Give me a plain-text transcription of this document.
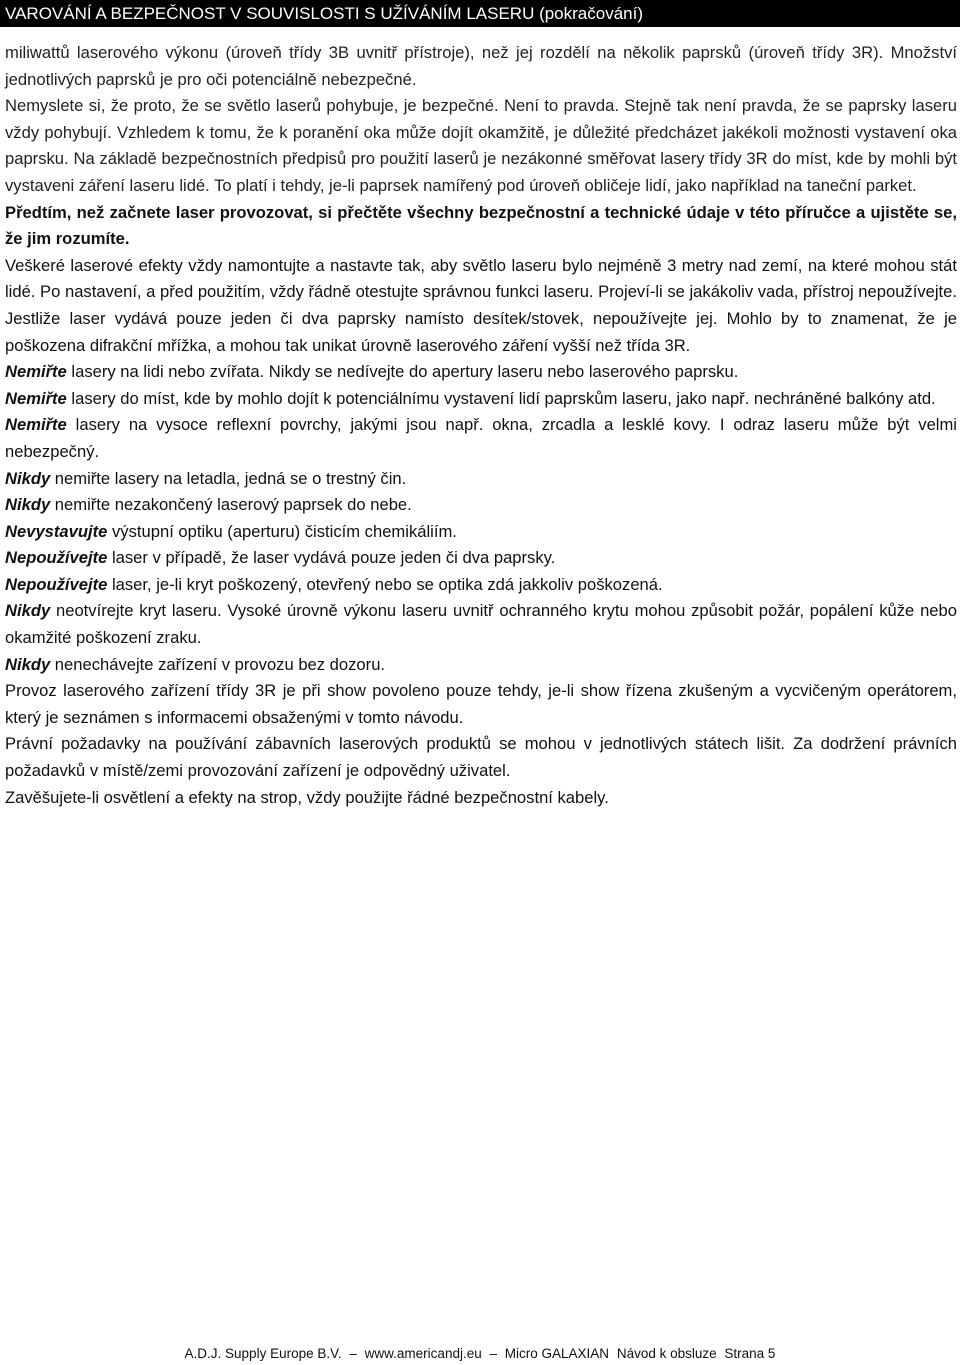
VAROVÁNÍ A BEZPEČNOST V SOUVISLOSTI S UŽÍVÁNÍM LASERU (pokračování)

miliwattů laserového výkonu (úroveň třídy 3B uvnitř přístroje), než jej rozdělí na několik paprsků (úroveň třídy 3R). Množství jednotlivých paprsků je pro oči potenciálně nebezpečné.

Nemyslete si, že proto, že se světlo laserů pohybuje, je bezpečné. Není to pravda. Stejně tak není pravda, že se paprsky laseru vždy pohybují. Vzhledem k tomu, že k poranění oka může dojít okamžitě, je důležité předcházet jakékoli možnosti vystavení oka paprsku. Na základě bezpečnostních předpisů pro použití laserů je nezákonné směřovat lasery třídy 3R do míst, kde by mohli být vystaveni záření laseru lidé. To platí i tehdy, je-li paprsek namířený pod úroveň obličeje lidí, jako například na taneční parket.

Předtím, než začnete laser provozovat, si přečtěte všechny bezpečnostní a technické údaje v této příručce a ujistěte se, že jim rozumíte.

Veškeré laserové efekty vždy namontujte a nastavte tak, aby světlo laseru bylo nejméně 3 metry nad zemí, na které mohou stát lidé. Po nastavení, a před použitím, vždy řádně otestujte správnou funkci laseru. Projeví-li se jakákoliv vada, přístroj nepoužívejte. Jestliže laser vydává pouze jeden či dva paprsky namísto desítek/stovek, nepoužívejte jej. Mohlo by to znamenat, že je poškozena difrakční mřížka, a mohou tak unikat úrovně laserového záření vyšší než třída 3R.

Nemiřte lasery na lidi nebo zvířata. Nikdy se nedívejte do apertury laseru nebo laserového paprsku.

Nemiřte lasery do míst, kde by mohlo dojít k potenciálnímu vystavení lidí paprskům laseru, jako např. nechráněné balkóny atd.

Nemiřte lasery na vysoce reflexní povrchy, jakými jsou např. okna, zrcadla a lesklé kovy. I odraz laseru může být velmi nebezpečný.

Nikdy nemiřte lasery na letadla, jedná se o trestný čin.

Nikdy nemiřte nezakončený laserový paprsek do nebe.

Nevystavujte výstupní optiku (aperturu) čisticím chemikáliím.

Nepoužívejte laser v případě, že laser vydává pouze jeden či dva paprsky.

Nepoužívejte laser, je-li kryt poškozený, otevřený nebo se optika zdá jakkoliv poškozená.

Nikdy neotvírejte kryt laseru. Vysoké úrovně výkonu laseru uvnitř ochranného krytu mohou způsobit požár, popálení kůže nebo okamžité poškození zraku.

Nikdy nenechávejte zařízení v provozu bez dozoru.

Provoz laserového zařízení třídy 3R je při show povoleno pouze tehdy, je-li show řízena zkušeným a vycvičeným operátorem, který je seznámen s informacemi obsaženými v tomto návodu.

Právní požadavky na používání zábavních laserových produktů se mohou v jednotlivých státech lišit. Za dodržení právních požadavků v místě/zemi provozování zařízení je odpovědný uživatel.

Zavěšujete-li osvětlení a efekty na strop, vždy použijte řádné bezpečnostní kabely.

A.D.J. Supply Europe B.V. – www.americandj.eu – Micro GALAXIAN Návod k obsluze Strana 5
